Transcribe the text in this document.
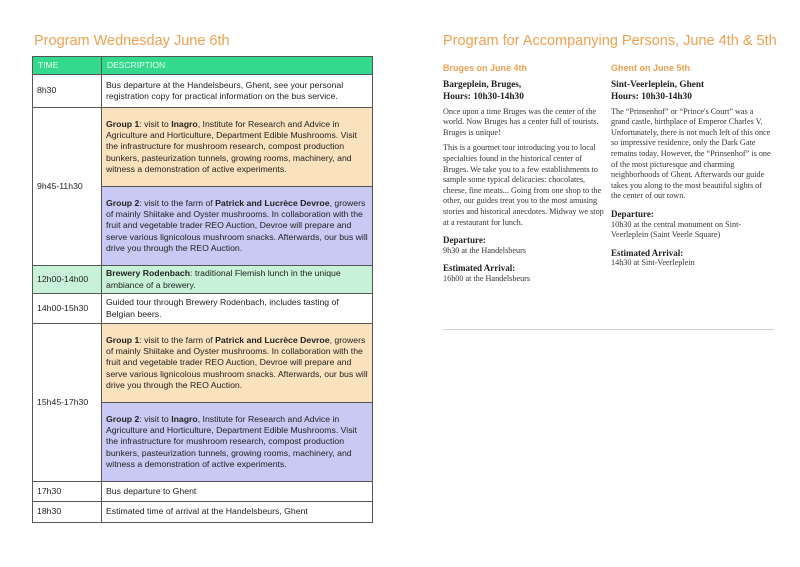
Program Wednesday June 6th	Program for Accompanying Persons, June 4th & 5th
TIME	DESCRIPTION
8h30	Bus departure at the Handelsbeurs, Ghent, see your personal registration copy for practical information on the bus service.
9h45-11h30	Group 1: visit to Inagro, Institute for Research and Advice in Agriculture and Horticulture, Department Edible Mushrooms. Visit the infrastructure for mushroom research, compost production bunkers, pasteurization tunnels, growing rooms, machinery, and witness a demonstration of active experiments.
	Group 2: visit to the farm of Patrick and Lucrèce Devroe, growers of mainly Shiitake and Oyster mushrooms. In collaboration with the fruit and vegetable trader REO Auction, Devroe will prepare and serve various lignicolous mushroom snacks. Afterwards, our bus will drive you through the REO Auction.
12h00-14h00	Brewery Rodenbach: traditional Flemish lunch in the unique ambiance of a brewery.
14h00-15h30	Guided tour through Brewery Rodenbach, includes tasting of Belgian beers.
15h45-17h30	Group 1: visit to the farm of Patrick and Lucrèce Devroe, growers of mainly Shiitake and Oyster mushrooms. In collaboration with the fruit and vegetable trader REO Auction, Devroe will prepare and serve various lignicolous mushroom snacks. Afterwards, our bus will drive you through the REO Auction.
	Group 2: visit to Inagro, Institute for Research and Advice in Agriculture and Horticulture, Department Edible Mushrooms. Visit the infrastructure for mushroom research, compost production bunkers, pasteurization tunnels, growing rooms, machinery, and witness a demonstration of active experiments.
17h30	Bus departure to Ghent
18h30	Estimated time of arrival at the Handelsbeurs, Ghent
Bruges on June 4th
Bargeplein, Bruges,
Hours: 10h30-14h30

Once upon a time Bruges was the center of the world. Now Bruges has a center full of tourists. Bruges is unique!

This is a gourmet tour introducing you to local specialties found in the historical center of Bruges. We take you to a few establishments to sample some typical delicacies: chocolates, cheese, fine meats... Going from one shop to the other, our guides treat you to the most amusing stories and historical anecdotes. Midway we stop at a restaurant for lunch.

Departure:
9h30 at the Handelsbeurs
Estimated Arrival:
16h00 at the Handelsbeurs
Ghent on June 5th
Sint-Veerleplein, Ghent
Hours: 10h30-14h30

The “Prinsenhof” or “Prince's Court” was a grand castle, birthplace of Emperor Charles V. Unfortunately, there is not much left of this once so impressive residence, only the Dark Gate remains today. However, the “Prinsenhof” is one of the most picturesque and charming neighborhoods of Ghent. Afterwards our guide takes you along to the most beautiful sights of the center of our town.

Departure:
10h30 at the central monument on Sint-Veerleplein (Saint Veerle Square)
Estimated Arrival:
14h30 at Sint-Veerleplein
